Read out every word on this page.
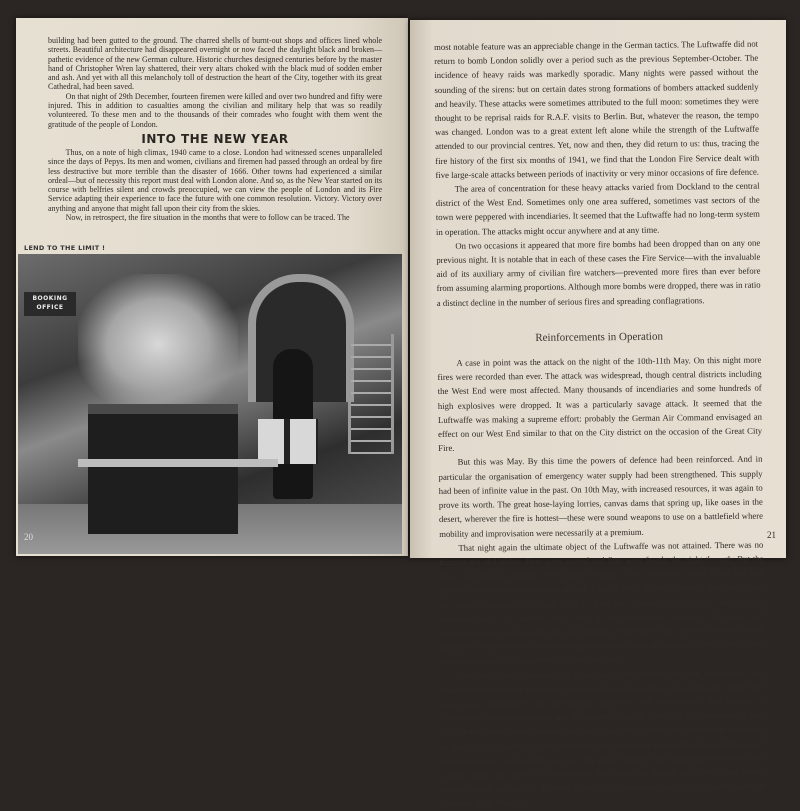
building had been gutted to the ground. The charred shells of burnt-out shops and offices lined whole streets. Beautiful architecture had disappeared overnight or now faced the daylight black and broken—pathetic evidence of the new German culture. Historic churches designed centuries before by the master hand of Christopher Wren lay shattered, their very altars choked with the black mud of sodden ember and ash. And yet with all this melancholy toll of destruction the heart of the City, together with its great Cathedral, had been saved.

On that night of 29th December, fourteen firemen were killed and over two hundred and fifty were injured. This in addition to casualties among the civilian and military help that was so readily volunteered. To these men and to the thousands of their comrades who fought with them went the gratitude of the people of London.

INTO THE NEW YEAR

Thus, on a note of high climax, 1940 came to a close. London had witnessed scenes unparalleled since the days of Pepys. Its men and women, civilians and firemen had passed through an ordeal by fire less destructive but more terrible than the disaster of 1666. Other towns had experienced a similar ordeal—but of necessity this report must deal with London alone. And so, as the New Year started on its course with belfries silent and crowds preoccupied, we can view the people of London and its Fire Service adapting their experience to face the future with one common resolution. Victory. Victory over anything and anyone that might fall upon their city from the skies.

Now, in retrospect, the fire situation in the months that were to follow can be traced. The

LEND TO THE LIMIT !
BOOKING OFFICE
20

most notable feature was an appreciable change in the German tactics. The Luftwaffe did not return to bomb London solidly over a period such as the previous September-October. The incidence of heavy raids was markedly sporadic. Many nights were passed without the sounding of the sirens: but on certain dates strong formations of bombers attacked suddenly and heavily. These attacks were sometimes attributed to the full moon: sometimes they were thought to be reprisal raids for R.A.F. visits to Berlin. But, whatever the reason, the tempo was changed. London was to a great extent left alone while the strength of the Luftwaffe attended to our provincial centres. Yet, now and then, they did return to us: thus, tracing the fire history of the first six months of 1941, we find that the London Fire Service dealt with five large-scale attacks between periods of inactivity or very minor occasions of fire defence.

The area of concentration for these heavy attacks varied from Dockland to the central district of the West End. Sometimes only one area suffered, sometimes vast sectors of the town were peppered with incendiaries. It seemed that the Luftwaffe had no long-term system in operation. The attacks might occur anywhere and at any time.

On two occasions it appeared that more fire bombs had been dropped than on any one previous night. It is notable that in each of these cases the Fire Service—with the invaluable aid of its auxiliary army of civilian fire watchers—prevented more fires than ever before from assuming alarming proportions. Although more bombs were dropped, there was in ratio a distinct decline in the number of serious fires and spreading conflagrations.

Reinforcements in Operation

A case in point was the attack on the night of the 10th-11th May. On this night more fires were recorded than ever. The attack was widespread, though central districts including the West End were most affected. Many thousands of incendiaries and some hundreds of high explosives were dropped. It was a particularly savage attack. It seemed that the Luftwaffe was making a supreme effort: probably the German Air Command envisaged an effect on our West End similar to that on the City district on the occasion of the Great City Fire.

But this was May. By this time the powers of defence had been reinforced. And in particular the organisation of emergency water supply had been strengthened. This supply had been of infinite value in the past. On 10th May, with increased resources, it was again to prove its worth. The great hose-laying lorries, canvas dams that spring up, like oases in the desert, wherever the fire is hottest—these were sound weapons to use on a battlefield where mobility and improvisation were necessarily at a premium.

That night again the ultimate object of the Luftwaffe was not attained. There was no burning out of London. Fires were caused and fires were fought the night through. But the forces of defence prevailed. The greatest danger of an incendiary attack is the fire that spreads from building to building at such a speed and with such intensity that fire fighters are unable temporarily to cope with it. This fire situation is technically known as a conflagration. It is, notable, that, with all the fire bombs dropped, only one such conflagration occurred on the night of 10th May. There were other serious fires but in each case they were prevented from spreading dangerously. And the number of these serious fires was also reduced in comparison with previous raids.

However, though thousands of incendiaries were mopped up soon after impact, and though the flames were prevented from multiplying themselves catastrophically, much harm was done. Westminster was deliberately spattered with incendiaries. The Houses of Parliament, Westminster Abbey and the ancient monastic dormitory of Westminster Upper School were among many famous buildings throughout London that suffered the indignities of fire and high explosive. These buildings were in no case irreparably damaged. But much that was historic and lovable was lost. The great timbered roof spanning Westminster Hall caught alight. The place of coronation in the Abbey lay littered with rubble and broken timber beneath an open sky. Firemen played their jets of water over Gothic tracery lining the galleries of the House of

21
